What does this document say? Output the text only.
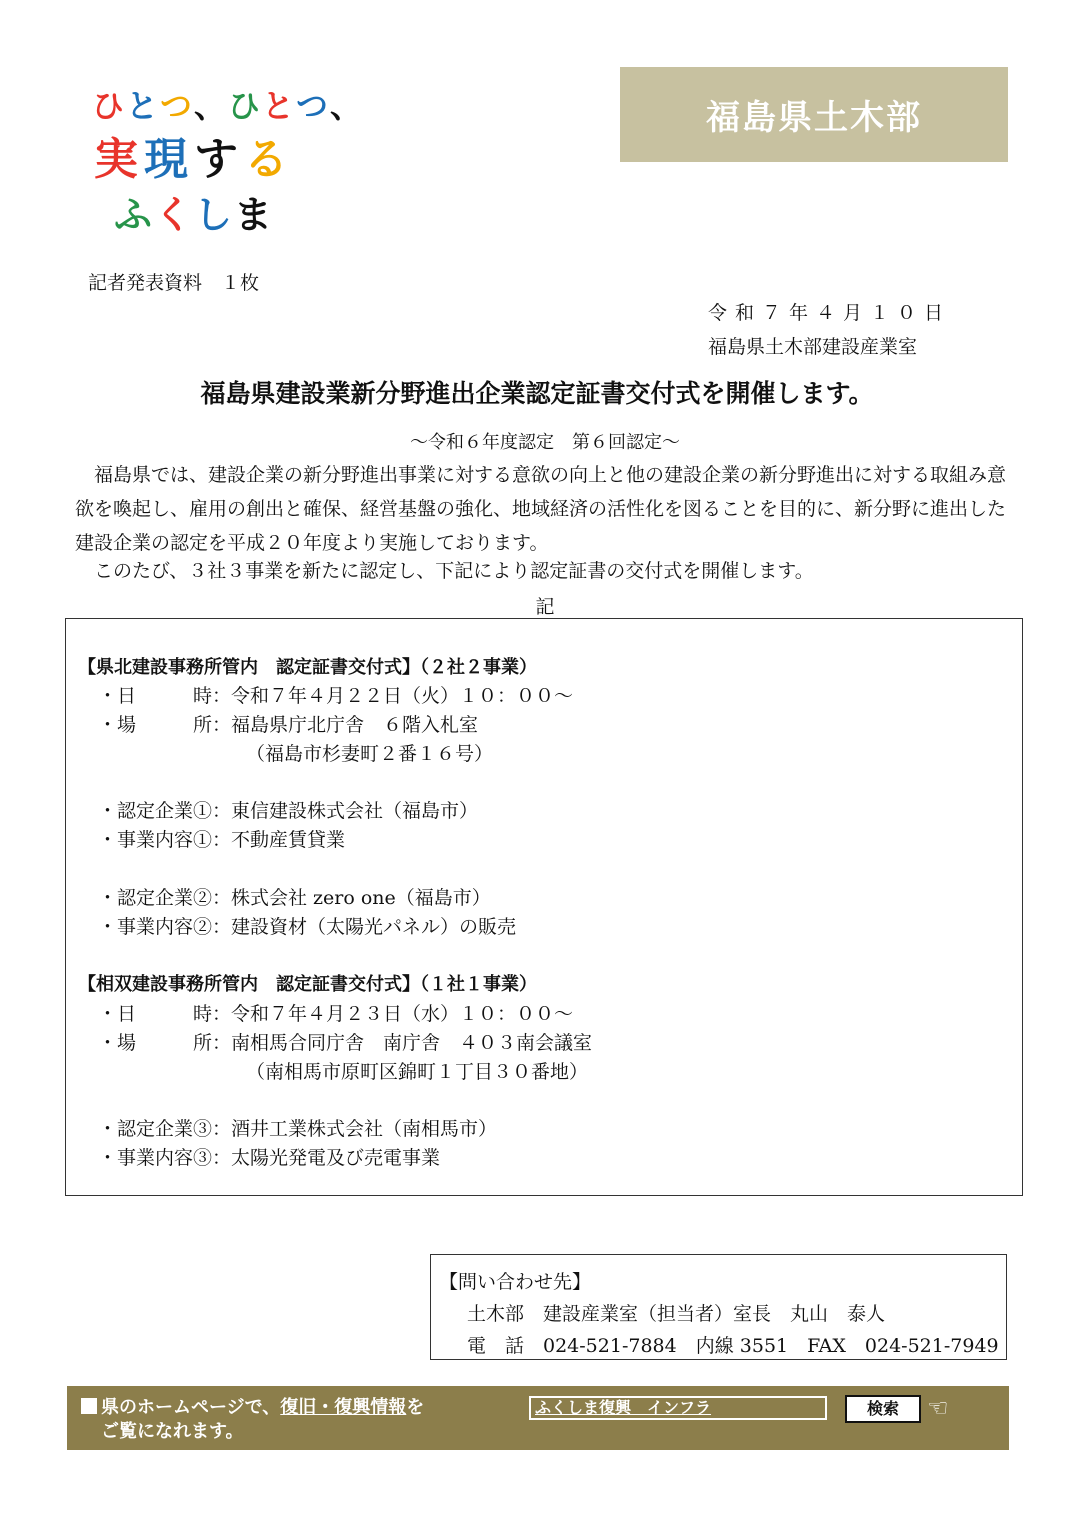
ひ と つ 、 ひ と つ 、
実 現 す る
ふ く し ま
福島県土木部
記者発表資料　１枚
令和７年４月１０日
福島県土木部建設産業室
福島県建設業新分野進出企業認定証書交付式を開催します。
～令和６年度認定　第６回認定～

福島県では、建設企業の新分野進出事業に対する意欲の向上と他の建設企業の新分野進出に対する取組み意欲を喚起し、雇用の創出と確保、経営基盤の強化、地域経済の活性化を図ることを目的に、新分野に進出した建設企業の認定を平成２０年度より実施しております。

このたび、３社３事業を新たに認定し、下記により認定証書の交付式を開催します。

記
【県北建設事務所管内　認定証書交付式】（２社２事業）
・日　　　時：令和７年４月２２日（火）１０：００～
・場　　　所：福島県庁北庁舎　６階入札室
（福島市杉妻町２番１６号）
・認定企業①：東信建設株式会社（福島市）
・事業内容①：不動産賃貸業
・認定企業②：株式会社 zero one（福島市）
・事業内容②：建設資材（太陽光パネル）の販売
【相双建設事務所管内　認定証書交付式】（１社１事業）
・日　　　時：令和７年４月２３日（水）１０：００～
・場　　　所：南相馬合同庁舎　南庁舎　４０３南会議室
（南相馬市原町区錦町１丁目３０番地）
・認定企業③：酒井工業株式会社（南相馬市）
・事業内容③：太陽光発電及び売電事業
【問い合わせ先】
土木部　建設産業室（担当者）室長　丸山　泰人
電　話　024-521-7884　内線 3551　FAX　024-521-7949
県のホームページで、復旧・復興情報を
ご覧になれます。
ふくしま復興　インフラ	検索	☜
